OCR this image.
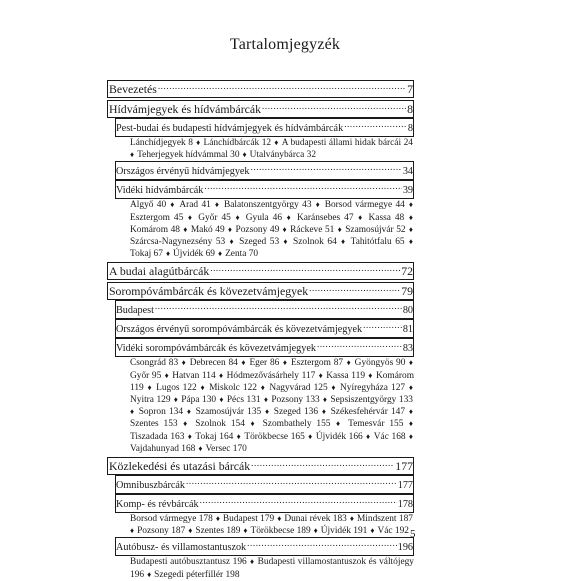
Tartalomjegyzék
Bevezetés .....	7
Hídvámjegyek és hídvámbárcák .....	8
Pest-budai és budapesti hídvámjegyek és hídvámbárcák .....	8
Lánchídjegyek 8 ♦ Lánchídbárcák 12 ♦ A budapesti állami hidak bárcái 24 ♦ Teherjegyek hídvámmal 30 ♦ Utalványbárca 32
Országos érvényű hídvámjegyek .....	34
Vidéki hídvámbárcák .....	39
Algyő 40 ♦ Arad 41 ♦ Balatonszentgyörgy 43 ♦ Borsod vármegye 44 ♦ Esztergom 45 ♦ Győr 45 ♦ Gyula 46 ♦ Karánsebes 47 ♦ Kassa 48 ♦ Komárom 48 ♦ Makó 49 ♦ Pozsony 49 ♦ Ráckeve 51 ♦ Szamosújvár 52 ♦ Szárcsa-Nagynezsény 53 ♦ Szeged 53 ♦ Szolnok 64 ♦ Tahitótfalu 65 ♦ Tokaj 67 ♦ Újvidék 69 ♦ Zenta 70
A budai alagútbárcák .....	72
Sorompóvámbárcák és kövezetvámjegyek .....	79
Budapest .....	80
Országos érvényű sorompóvámbárcák és kövezetvámjegyek .....	81
Vidéki sorompóvámbárcák és kövezetvámjegyek .....	83
Csongrád 83 ♦ Debrecen 84 ♦ Eger 86 ♦ Esztergom 87 ♦ Gyöngyös 90 ♦ Győr 95 ♦ Hatvan 114 ♦ Hódmezővásárhely 117 ♦ Kassa 119 ♦ Komárom 119 ♦ Lugos 122 ♦ Miskolc 122 ♦ Nagyvárad 125 ♦ Nyíregyháza 127 ♦ Nyitra 129 ♦ Pápa 130 ♦ Pécs 131 ♦ Pozsony 133 ♦ Sepsiszentgyörgy 133 ♦ Sopron 134 ♦ Szamosújvár 135 ♦ Szeged 136 ♦ Székesfehérvár 147 ♦ Szentes 153 ♦ Szolnok 154 ♦ Szombathely 155 ♦ Temesvár 155 ♦ Tiszadada 163 ♦ Tokaj 164 ♦ Törökbecse 165 ♦ Újvidék 166 ♦ Vác 168 ♦ Vajdahunyad 168 ♦ Versec 170
Közlekedési és utazási bárcák .....	177
Omnibuszbárcák .....	177
Komp- és révbárcák .....	178
Borsod vármegye 178 ♦ Budapest 179 ♦ Dunai révek 183 ♦ Mindszent 187 ♦ Pozsony 187 ♦ Szentes 189 ♦ Törökbecse 189 ♦ Újvidék 191 ♦ Vác 192
Autóbusz- és villamostantuszok .....	196
Budapesti autóbusztantusz 196 ♦ Budapesti villamostantuszok és váltójegy 196 ♦ Szegedi péterfillér 198
5
